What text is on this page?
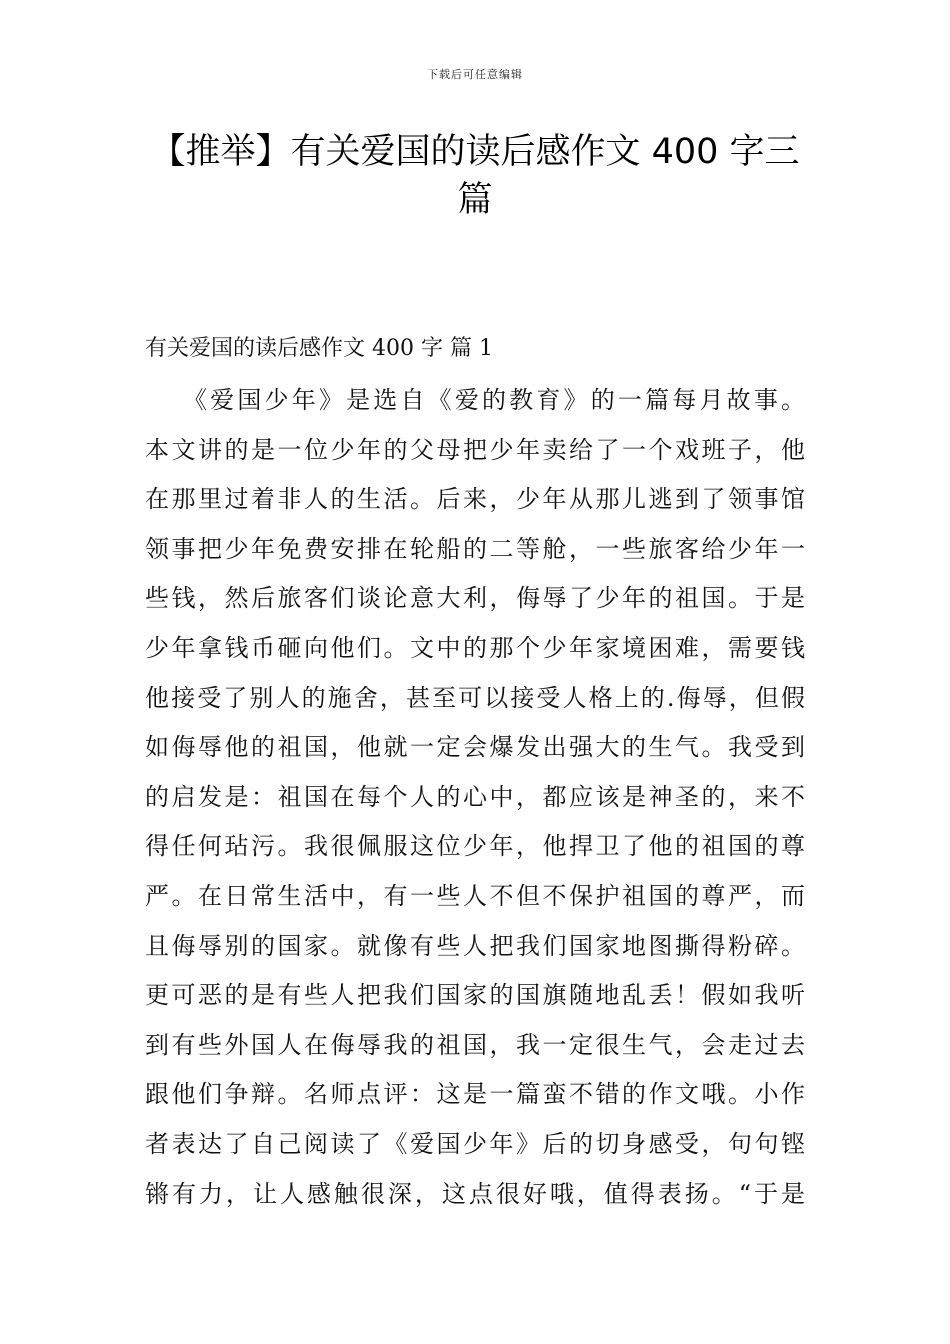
下载后可任意编辑
【推举】有关爱国的读后感作文 400 字三
篇
有关爱国的读后感作文 400 字 篇 1
《爱国少年》是选自《爱的教育》的一篇每月故事。
本文讲的是一位少年的父母把少年卖给了一个戏班子，他
在那里过着非人的生活。后来，少年从那儿逃到了领事馆
领事把少年免费安排在轮船的二等舱，一些旅客给少年一
些钱，然后旅客们谈论意大利，侮辱了少年的祖国。于是
少年拿钱币砸向他们。文中的那个少年家境困难，需要钱
他接受了别人的施舍，甚至可以接受人格上的.侮辱，但假
如侮辱他的祖国，他就一定会爆发出强大的生气。我受到
的启发是：祖国在每个人的心中，都应该是神圣的，来不
得任何玷污。我很佩服这位少年，他捍卫了他的祖国的尊
严。在日常生活中，有一些人不但不保护祖国的尊严，而
且侮辱别的国家。就像有些人把我们国家地图撕得粉碎。
更可恶的是有些人把我们国家的国旗随地乱丢！假如我听
到有些外国人在侮辱我的祖国，我一定很生气，会走过去
跟他们争辩。名师点评：这是一篇蛮不错的作文哦。小作
者表达了自己阅读了《爱国少年》后的切身感受，句句铿
锵有力，让人感触很深，这点很好哦，值得表扬。“于是
